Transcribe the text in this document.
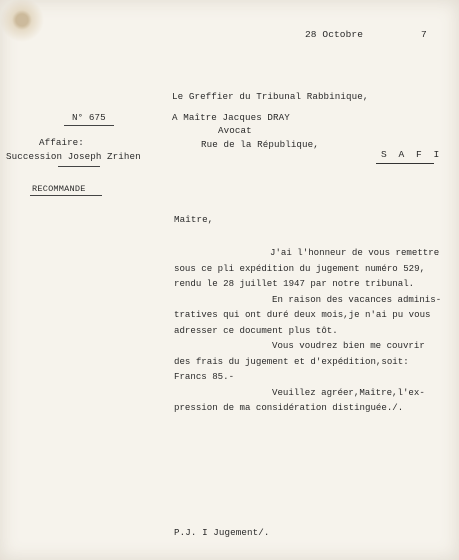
28 Octobre	7
N° 675
Affaire:
Succession Joseph Zrihen
RECOMMANDE
Le Greffier du Tribunal Rabbinique,
A Maître Jacques DRAY
Avocat
Rue de la République,
S A F I
Maître,
J'ai l'honneur de vous remettre
sous ce pli expédition du jugement numéro 529,
rendu le 28 juillet 1947 par notre tribunal.
En raison des vacances adminis-
tratives qui ont duré deux mois,je n'ai pu vous
adresser ce document plus tôt.
Vous voudrez bien me couvrir
des frais du jugement et d'expédition,soit:
Francs 85.-
Veuillez agréer,Maître,l'ex-
pression de ma considération distinguée./.
P.J. I Jugement/.
